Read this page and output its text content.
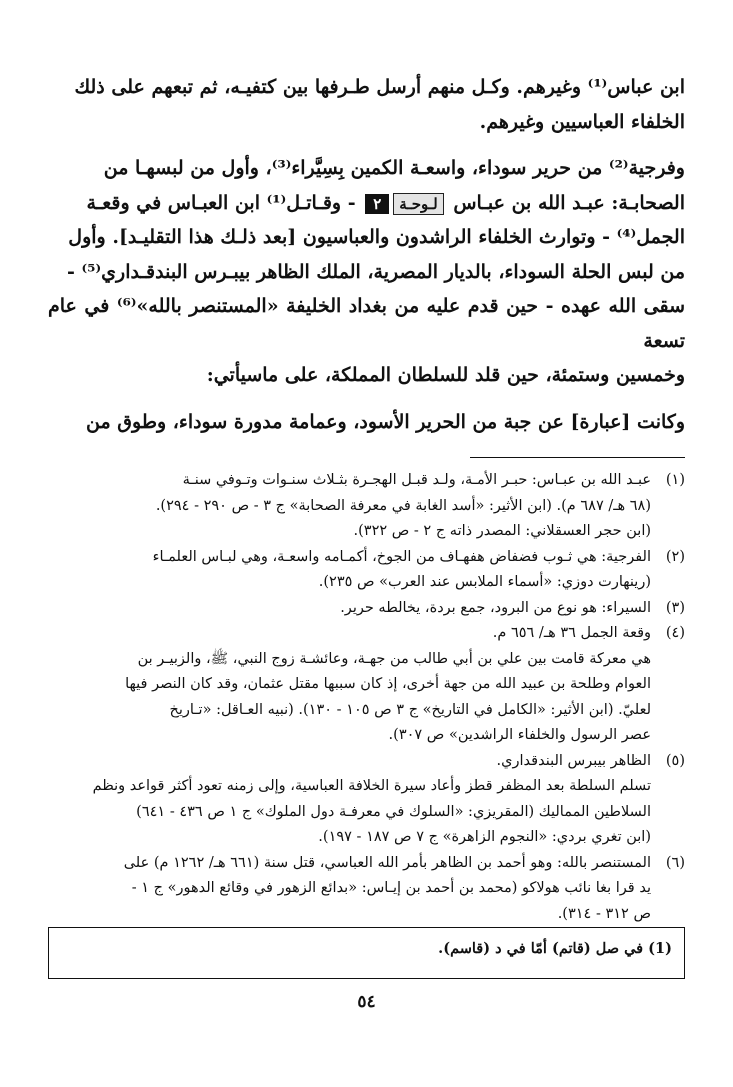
ابن عباس⁽¹⁾ وغيرهم. وكـل منهم أرسل طـرفها بين كتفيـه، ثم تبعهم على ذلك

الخلفاء العباسيين وغيرهم.

وفرجية⁽²⁾ من حرير سوداء، واسعـة الكمين بِسِيَّراء⁽³⁾، وأول من لبسهـا من

الصحابـة: عبـد الله بن عبـاس لـوحـة٢ - وقـاتـل⁽¹⁾ ابن العبـاس في وقعـة

الجمل⁽⁴⁾ - وتوارث الخلفاء الراشدون والعباسيون [بعد ذلـك هذا التقليـد]. وأول

من لبس الحلة السوداء، بالديار المصرية، الملك الظاهر بيبـرس البندقـداري⁽⁵⁾ -

سقى الله عهده - حين قدم عليه من بغداد الخليفة «المستنصر بالله»⁽⁶⁾ في عام تسعة

وخمسين وستمئة، حين قلد للسلطان المملكة، على ماسيأتي:

وكانت [عبارة] عن جبة من الحرير الأسود، وعمامة مدورة سوداء، وطوق من

(١)
عبـد الله بن عبـاس: حبـر الأمـة، ولـد قبـل الهجـرة بثـلاث سنـوات وتـوفي سنـة
(٦٨ هـ/ ٦٨٧ م). (ابن الأثير: «أسد الغابة في معرفة الصحابة» ج ٣ - ص ٢٩٠ - ٢٩٤).
(ابن حجر العسقلاني: المصدر ذاته ج ٢ - ص ٣٢٢).
(٢)
الفرجية: هي ثـوب فضفاض هفهـاف من الجوخ، أكمـامه واسعـة، وهي لبـاس العلمـاء
(رينهارت دوزي: «أسماء الملابس عند العرب» ص ٢٣٥).
(٣)
السيراء: هو نوع من البرود، جمع بردة، يخالطه حرير.
(٤)
وقعة الجمل ٣٦ هـ/ ٦٥٦ م.
هي معركة قامت بين علي بن أبي طالب من جهـة، وعائشـة زوج النبي، ﷺ، والزبيـر بن
العوام وطلحة بن عبيد الله من جهة أخرى، إذ كان سببها مقتل عثمان، وقد كان النصر فيها
لعليّ. (ابن الأثير: «الكامل في التاريخ» ج ٣ ص ١٠٥ - ١٣٠). (نبيه العـاقل: «تـاريخ
عصر الرسول والخلفاء الراشدين» ص ٣٠٧).
(٥)
الظاهر بيبرس البندقداري.
تسلم السلطة بعد المظفر قطز وأعاد سيرة الخلافة العباسية، وإلى زمنه تعود أكثر قواعد ونظم
السلاطين المماليك (المقريزي: «السلوك في معرفـة دول الملوك» ج ١ ص ٤٣٦ - ٦٤١)
(ابن تغري بردي: «النجوم الزاهرة» ج ٧ ص ١٨٧ - ١٩٧).
(٦)
المستنصر بالله: وهو أحمد بن الظاهر بأمر الله العباسي، قتل سنة (٦٦١ هـ/ ١٢٦٢ م) على
يد قرا بغا نائب هولاكو (محمد بن أحمد بن إيـاس: «بدائع الزهور في وقائع الدهور» ج ١ -
ص ٣١٢ - ٣١٤).
(1) في صل (قاتم) أمّا في د (قاسم).
٥٤
